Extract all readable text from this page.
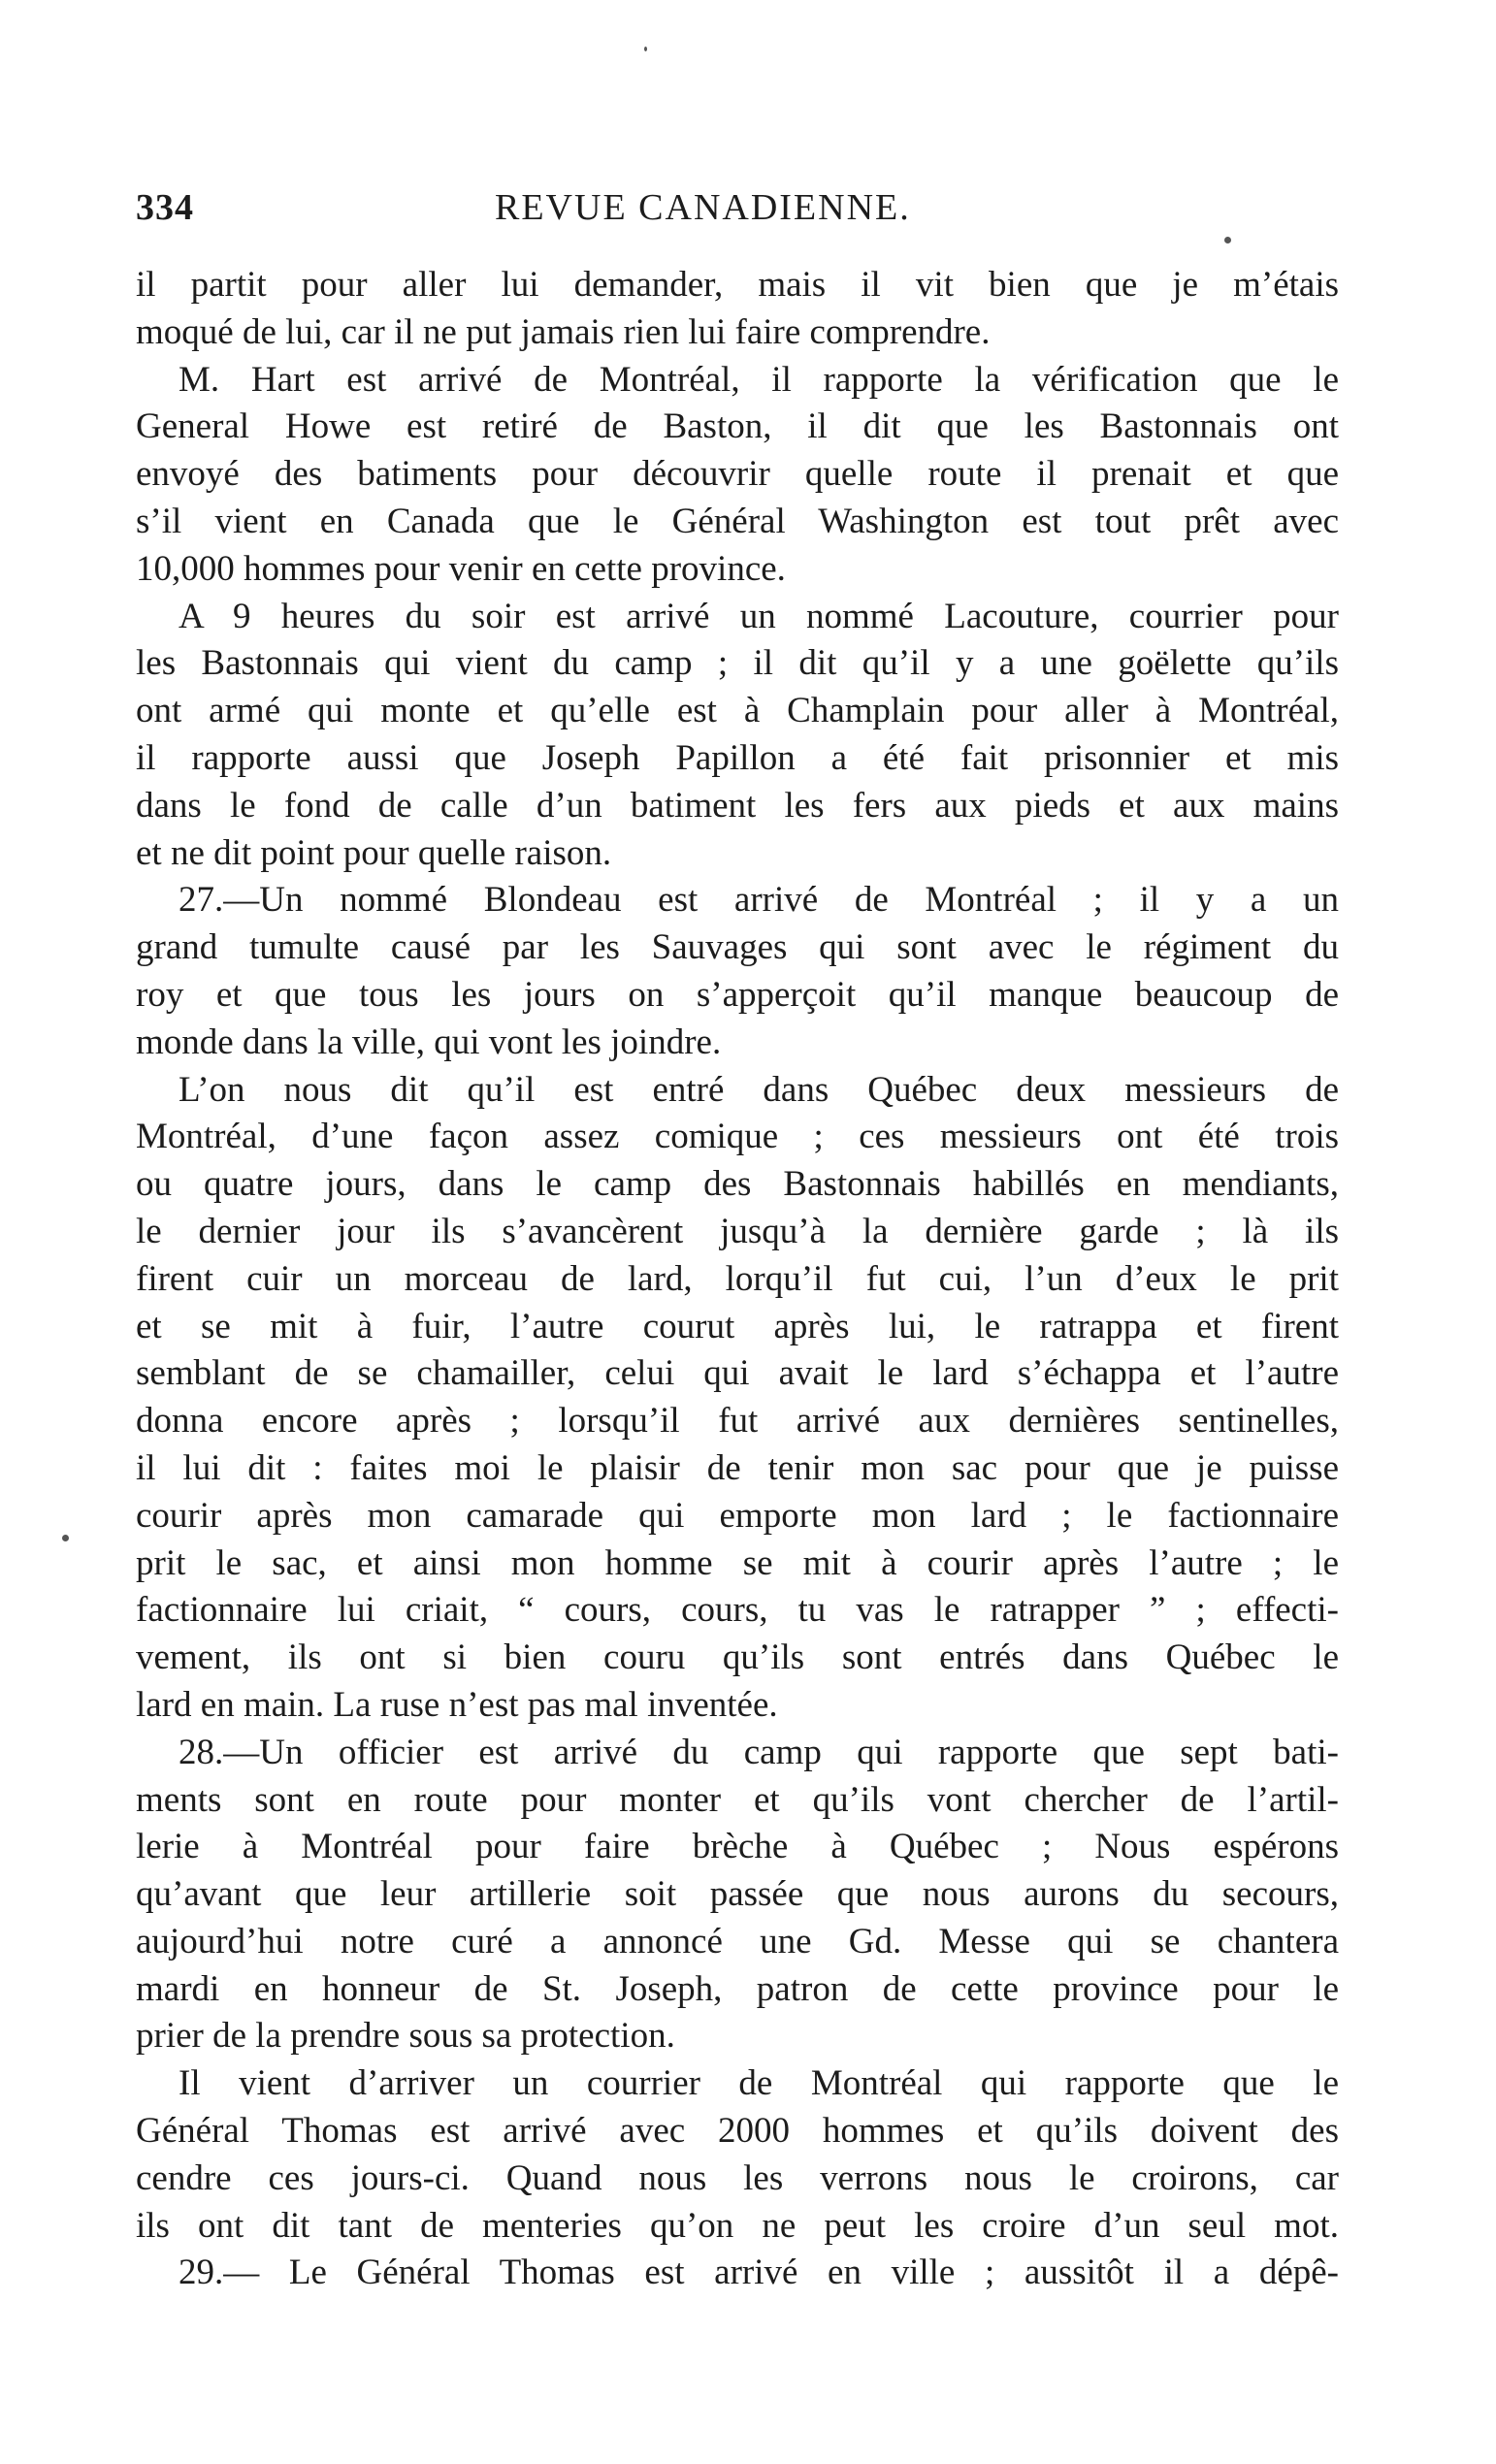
334	REVUE CANADIENNE.
il partit pour aller lui demander, mais il vit bien que je m’étais
moqué de lui, car il ne put jamais rien lui faire comprendre.
M. Hart est arrivé de Montréal, il rapporte la vérification que le
General Howe est retiré de Baston, il dit que les Bastonnais ont
envoyé des batiments pour découvrir quelle route il prenait et que
s’il vient en Canada que le Général Washington est tout prêt avec
10,000 hommes pour venir en cette province.
A 9 heures du soir est arrivé un nommé Lacouture, courrier pour
les Bastonnais qui vient du camp ; il dit qu’il y a une goëlette qu’ils
ont armé qui monte et qu’elle est à Champlain pour aller à Montréal,
il rapporte aussi que Joseph Papillon a été fait prisonnier et mis
dans le fond de calle d’un batiment les fers aux pieds et aux mains
et ne dit point pour quelle raison.
27.—Un nommé Blondeau est arrivé de Montréal ; il y a un
grand tumulte causé par les Sauvages qui sont avec le régiment du
roy et que tous les jours on s’apperçoit qu’il manque beaucoup de
monde dans la ville, qui vont les joindre.
L’on nous dit qu’il est entré dans Québec deux messieurs de
Montréal, d’une façon assez comique ; ces messieurs ont été trois
ou quatre jours, dans le camp des Bastonnais habillés en mendiants,
le dernier jour ils s’avancèrent jusqu’à la dernière garde ; là ils
firent cuir un morceau de lard, lorqu’il fut cui, l’un d’eux le prit
et se mit à fuir, l’autre courut après lui, le ratrappa et firent
semblant de se chamailler, celui qui avait le lard s’échappa et l’autre
donna encore après ; lorsqu’il fut arrivé aux dernières sentinelles,
il lui dit : faites moi le plaisir de tenir mon sac pour que je puisse
courir après mon camarade qui emporte mon lard ; le factionnaire
prit le sac, et ainsi mon homme se mit à courir après l’autre ; le
factionnaire lui criait, “ cours, cours, tu vas le ratrapper ” ; effecti-
vement, ils ont si bien couru qu’ils sont entrés dans Québec le
lard en main. La ruse n’est pas mal inventée.
28.—Un officier est arrivé du camp qui rapporte que sept bati-
ments sont en route pour monter et qu’ils vont chercher de l’artil-
lerie à Montréal pour faire brèche à Québec ; Nous espérons
qu’avant que leur artillerie soit passée que nous aurons du secours,
aujourd’hui notre curé a annoncé une Gd. Messe qui se chantera
mardi en honneur de St. Joseph, patron de cette province pour le
prier de la prendre sous sa protection.
Il vient d’arriver un courrier de Montréal qui rapporte que le
Général Thomas est arrivé avec 2000 hommes et qu’ils doivent des
cendre ces jours-ci. Quand nous les verrons nous le croirons, car
ils ont dit tant de menteries qu’on ne peut les croire d’un seul mot.
29.— Le Général Thomas est arrivé en ville ; aussitôt il a dépê-
